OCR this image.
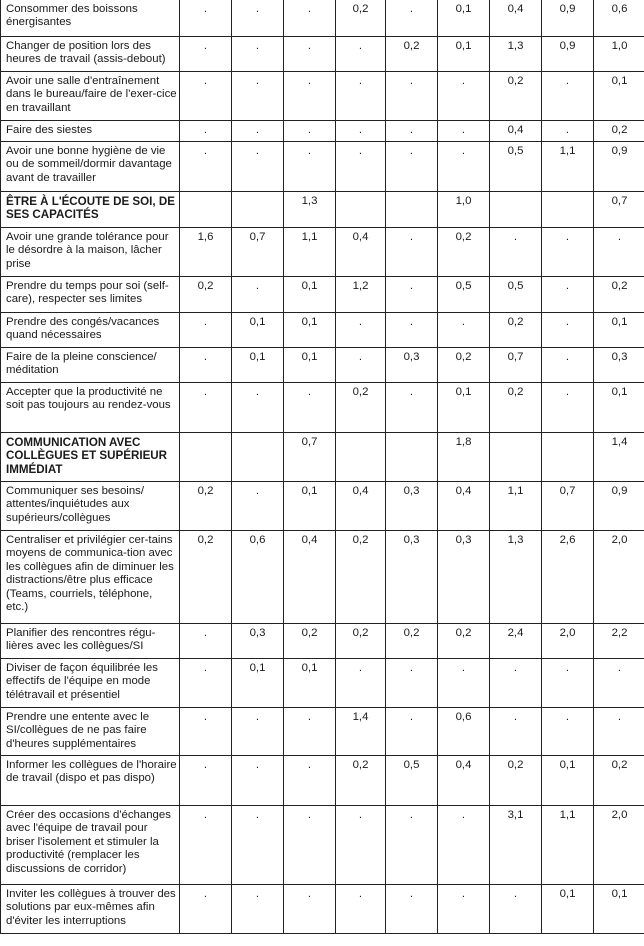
Consommer des boissons énergisantes	.	.	.	0,2	.	0,1	0,4	0,9	0,6
Changer de position lors des heures de travail (assis-debout)	.	.	.	.	0,2	0,1	1,3	0,9	1,0
Avoir une salle d'entraînement dans le bureau/faire de l'exer-cice en travaillant	.	.	.	.	.	.	0,2	.	0,1
Faire des siestes	.	.	.	.	.	.	0,4	.	0,2
Avoir une bonne hygiène de vie ou de sommeil/dormir davantage avant de travailler	.	.	.	.	.	.	0,5	1,1	0,9
ÊTRE À L'ÉCOUTE DE SOI, DE SES CAPACITÉS			1,3			1,0			0,7
Avoir une grande tolérance pour le désordre à la maison, lâcher prise	1,6	0,7	1,1	0,4	.	0,2	.	.	.
Prendre du temps pour soi (self-care), respecter ses limites	0,2	.	0,1	1,2	.	0,5	0,5	.	0,2
Prendre des congés/vacances quand nécessaires	.	0,1	0,1	.	.	.	0,2	.	0,1
Faire de la pleine conscience/ méditation	.	0,1	0,1	.	0,3	0,2	0,7	.	0,3
Accepter que la productivité ne soit pas toujours au rendez-vous	.	.	.	0,2	.	0,1	0,2	.	0,1
COMMUNICATION AVEC COLLÈGUES ET SUPÉRIEUR IMMÉDIAT			0,7			1,8			1,4
Communiquer ses besoins/ attentes/inquiétudes aux supérieurs/collègues	0,2	.	0,1	0,4	0,3	0,4	1,1	0,7	0,9
Centraliser et privilégier cer-tains moyens de communica-tion avec les collègues afin de diminuer les distractions/être plus efficace (Teams, courriels, téléphone, etc.)	0,2	0,6	0,4	0,2	0,3	0,3	1,3	2,6	2,0
Planifier des rencontres régu-lières avec les collègues/SI	.	0,3	0,2	0,2	0,2	0,2	2,4	2,0	2,2
Diviser de façon équilibrée les effectifs de l'équipe en mode télétravail et présentiel	.	0,1	0,1	.	.	.	.	.	.
Prendre une entente avec le SI/collègues de ne pas faire d'heures supplémentaires	.	.	.	1,4	.	0,6	.	.	.
Informer les collègues de l'horaire de travail (dispo et pas dispo)	.	.	.	0,2	0,5	0,4	0,2	0,1	0,2
Créer des occasions d'échanges avec l'équipe de travail pour briser l'isolement et stimuler la productivité (remplacer les discussions de corridor)	.	.	.	.	.	.	3,1	1,1	2,0
Inviter les collègues à trouver des solutions par eux-mêmes afin d'éviter les interruptions	.	.	.	.	.	.	.	0,1	0,1
